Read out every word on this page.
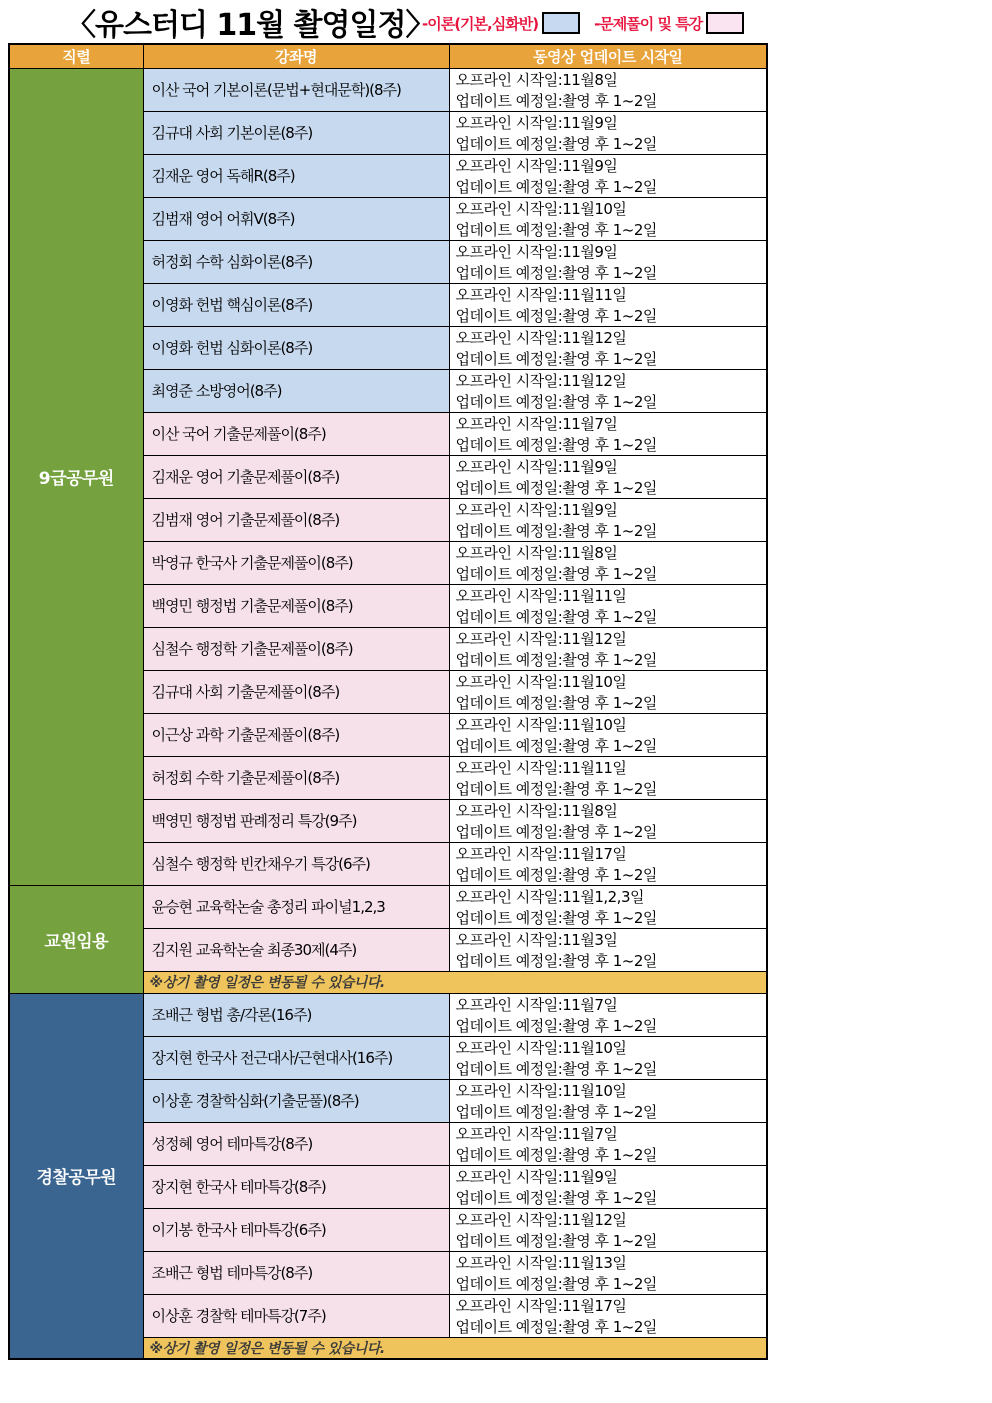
〈유스터디 11월 촬영일정〉
-이론(기본,심화반)	-문제풀이 및 특강
직렬	강좌명	동영상 업데이트 시작일
9급공무원	이산 국어 기본이론(문법+현대문학)(8주)	오프라인 시작일:11월8일
		업데이트 예정일:촬영 후 1~2일
	김규대 사회 기본이론(8주)	오프라인 시작일:11월9일
		업데이트 예정일:촬영 후 1~2일
	김재운 영어 독해R(8주)	오프라인 시작일:11월9일
		업데이트 예정일:촬영 후 1~2일
	김범재 영어 어휘V(8주)	오프라인 시작일:11월10일
		업데이트 예정일:촬영 후 1~2일
	허정회 수학 심화이론(8주)	오프라인 시작일:11월9일
		업데이트 예정일:촬영 후 1~2일
	이영화 헌법 핵심이론(8주)	오프라인 시작일:11월11일
		업데이트 예정일:촬영 후 1~2일
	이영화 헌법 심화이론(8주)	오프라인 시작일:11월12일
		업데이트 예정일:촬영 후 1~2일
	최영준 소방영어(8주)	오프라인 시작일:11월12일
		업데이트 예정일:촬영 후 1~2일
	이산 국어 기출문제풀이(8주)	오프라인 시작일:11월7일
		업데이트 예정일:촬영 후 1~2일
	김재운 영어 기출문제풀이(8주)	오프라인 시작일:11월9일
		업데이트 예정일:촬영 후 1~2일
	김범재 영어 기출문제풀이(8주)	오프라인 시작일:11월9일
		업데이트 예정일:촬영 후 1~2일
	박영규 한국사 기출문제풀이(8주)	오프라인 시작일:11월8일
		업데이트 예정일:촬영 후 1~2일
	백영민 행정법 기출문제풀이(8주)	오프라인 시작일:11월11일
		업데이트 예정일:촬영 후 1~2일
	심철수 행정학 기출문제풀이(8주)	오프라인 시작일:11월12일
		업데이트 예정일:촬영 후 1~2일
	김규대 사회 기출문제풀이(8주)	오프라인 시작일:11월10일
		업데이트 예정일:촬영 후 1~2일
	이근상 과학 기출문제풀이(8주)	오프라인 시작일:11월10일
		업데이트 예정일:촬영 후 1~2일
	허정회 수학 기출문제풀이(8주)	오프라인 시작일:11월11일
		업데이트 예정일:촬영 후 1~2일
	백영민 행정법 판례정리 특강(9주)	오프라인 시작일:11월8일
		업데이트 예정일:촬영 후 1~2일
	심철수 행정학 빈칸채우기 특강(6주)	오프라인 시작일:11월17일
		업데이트 예정일:촬영 후 1~2일
교원임용	윤승현 교육학논술 총정리 파이널1,2,3	오프라인 시작일:11월1,2,3일
		업데이트 예정일:촬영 후 1~2일
	김지원 교육학논술 최종30제(4주)	오프라인 시작일:11월3일
		업데이트 예정일:촬영 후 1~2일
	※상기 촬영 일정은 변동될 수 있습니다.	
경찰공무원	조배근 형법 총/각론(16주)	오프라인 시작일:11월7일
		업데이트 예정일:촬영 후 1~2일
	장지현 한국사 전근대사/근현대사(16주)	오프라인 시작일:11월10일
		업데이트 예정일:촬영 후 1~2일
	이상훈 경찰학심화(기출문풀)(8주)	오프라인 시작일:11월10일
		업데이트 예정일:촬영 후 1~2일
	성정혜 영어 테마특강(8주)	오프라인 시작일:11월7일
		업데이트 예정일:촬영 후 1~2일
	장지현 한국사 테마특강(8주)	오프라인 시작일:11월9일
		업데이트 예정일:촬영 후 1~2일
	이기봉 한국사 테마특강(6주)	오프라인 시작일:11월12일
		업데이트 예정일:촬영 후 1~2일
	조배근 형법 테마특강(8주)	오프라인 시작일:11월13일
		업데이트 예정일:촬영 후 1~2일
	이상훈 경찰학 테마특강(7주)	오프라인 시작일:11월17일
		업데이트 예정일:촬영 후 1~2일
	※상기 촬영 일정은 변동될 수 있습니다.	
